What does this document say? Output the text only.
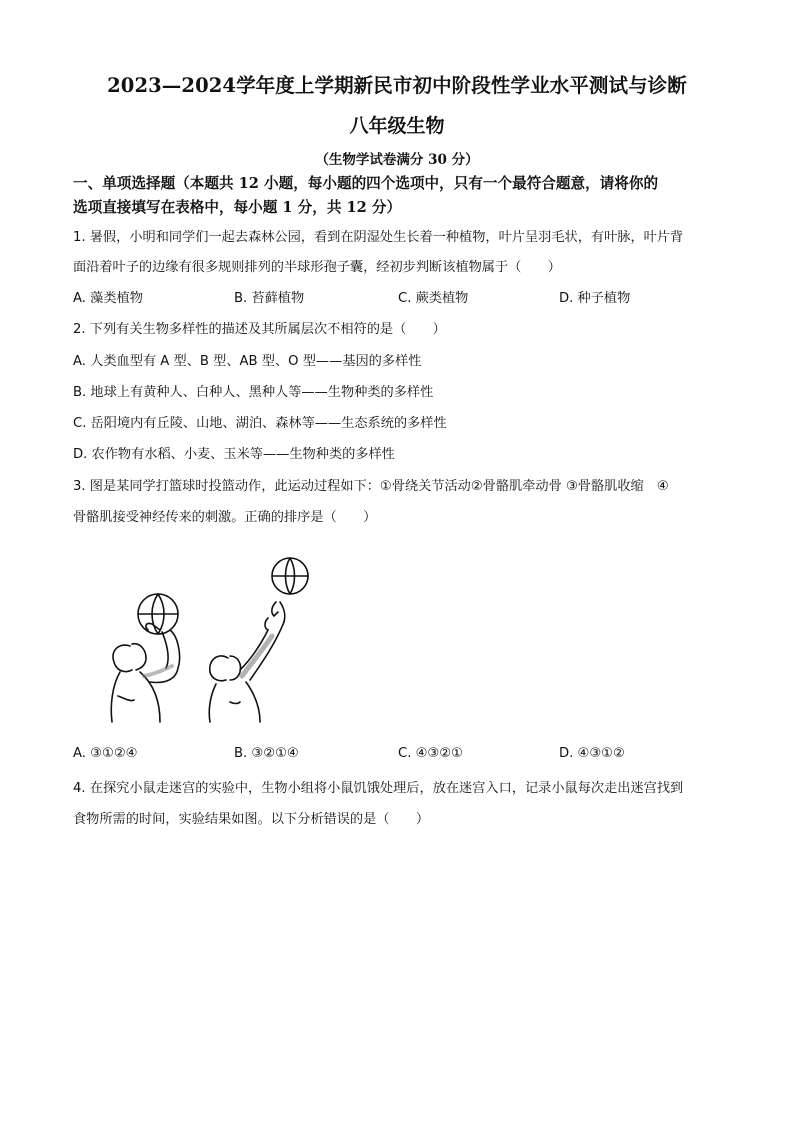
2023—2024学年度上学期新民市初中阶段性学业水平测试与诊断
八年级生物
（生物学试卷满分 30 分）
一、单项选择题（本题共 12 小题，每小题的四个选项中，只有一个最符合题意，请将你的
选项直接填写在表格中，每小题 1 分，共 12 分）
1. 暑假，小明和同学们一起去森林公园，看到在阴湿处生长着一种植物，叶片呈羽毛状，有叶脉，叶片背
面沿着叶子的边缘有很多规则排列的半球形孢子囊，经初步判断该植物属于（　　）
A. 藻类植物	B. 苔藓植物	C. 蕨类植物	D. 种子植物
2. 下列有关生物多样性的描述及其所属层次不相符的是（　　）
A. 人类血型有 A 型、B 型、AB 型、O 型——基因的多样性
B. 地球上有黄种人、白种人、黑种人等——生物种类的多样性
C. 岳阳境内有丘陵、山地、湖泊、森林等——生态系统的多样性
D. 农作物有水稻、小麦、玉米等——生物种类的多样性
3. 图是某同学打篮球时投篮动作，此运动过程如下：①骨绕关节活动②骨骼肌牵动骨 ③骨骼肌收缩　④
骨骼肌接受神经传来的刺激。正确的排序是（　　）
A. ③①②④	B. ③②①④	C. ④③②①	D. ④③①②
4. 在探究小鼠走迷宫的实验中，生物小组将小鼠饥饿处理后，放在迷宫入口，记录小鼠每次走出迷宫找到
食物所需的时间，实验结果如图。以下分析错误的是（　　）
